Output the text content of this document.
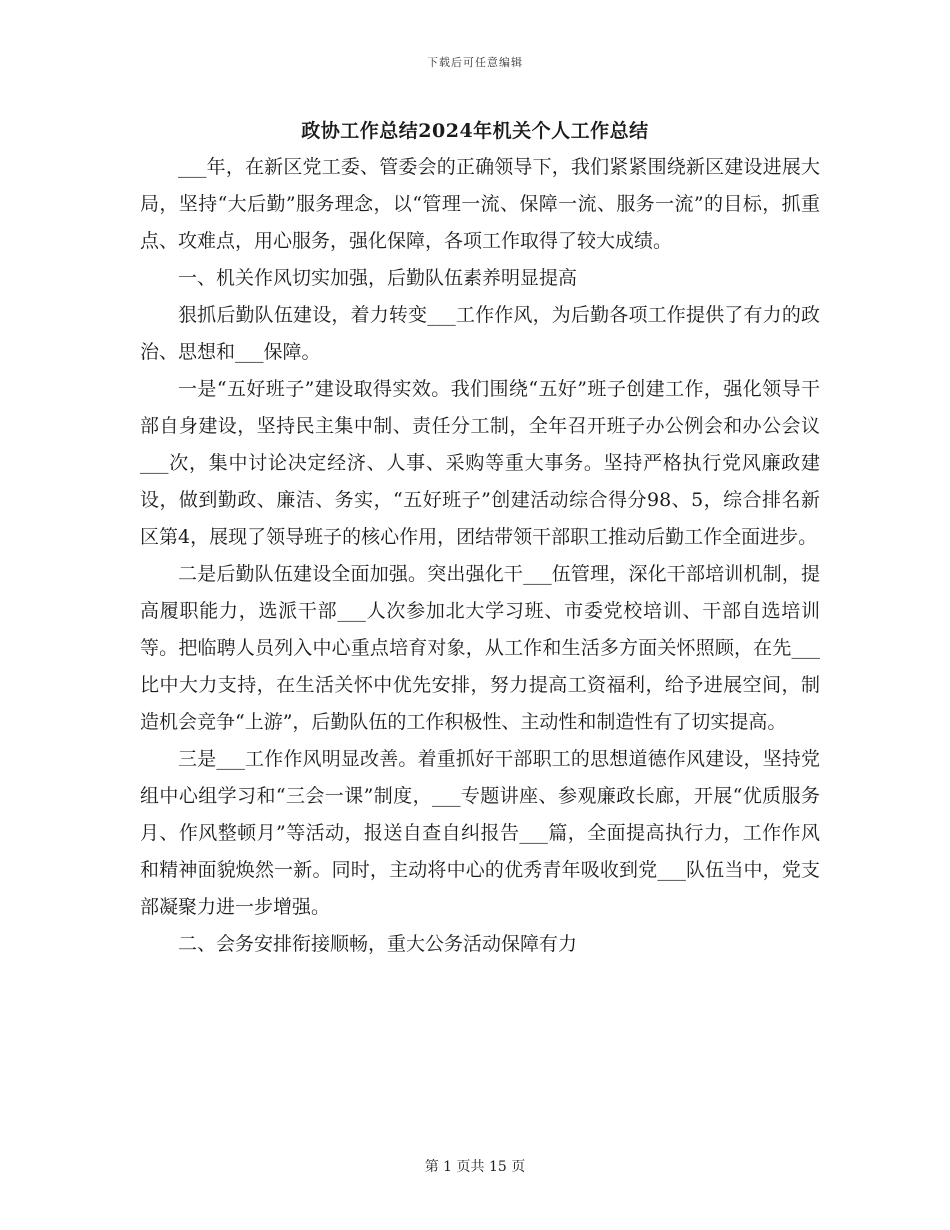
下载后可任意编辑
政协工作总结2024年机关个人工作总结

___年，在新区党工委、管委会的正确领导下，我们紧紧围绕新区建设进展大局，坚持“大后勤”服务理念，以“管理一流、保障一流、服务一流”的目标，抓重点、攻难点，用心服务，强化保障，各项工作取得了较大成绩。

一、机关作风切实加强，后勤队伍素养明显提高

狠抓后勤队伍建设，着力转变___工作作风，为后勤各项工作提供了有力的政治、思想和___保障。

一是“五好班子”建设取得实效。我们围绕“五好”班子创建工作，强化领导干部自身建设，坚持民主集中制、责任分工制，全年召开班子办公例会和办公会议___次，集中讨论决定经济、人事、采购等重大事务。坚持严格执行党风廉政建设，做到勤政、廉洁、务实，“五好班子”创建活动综合得分98、5，综合排名新区第4，展现了领导班子的核心作用，团结带领干部职工推动后勤工作全面进步。

二是后勤队伍建设全面加强。突出强化干___伍管理，深化干部培训机制，提高履职能力，选派干部___人次参加北大学习班、市委党校培训、干部自选培训等。把临聘人员列入中心重点培育对象，从工作和生活多方面关怀照顾，在先___比中大力支持，在生活关怀中优先安排，努力提高工资福利，给予进展空间，制造机会竞争“上游”，后勤队伍的工作积极性、主动性和制造性有了切实提高。

三是___工作作风明显改善。着重抓好干部职工的思想道德作风建设，坚持党组中心组学习和“三会一课”制度，___专题讲座、参观廉政长廊，开展“优质服务月、作风整顿月”等活动，报送自查自纠报告___篇，全面提高执行力，工作作风和精神面貌焕然一新。同时，主动将中心的优秀青年吸收到党___队伍当中，党支部凝聚力进一步增强。

二、会务安排衔接顺畅，重大公务活动保障有力

第 1 页共 15 页
